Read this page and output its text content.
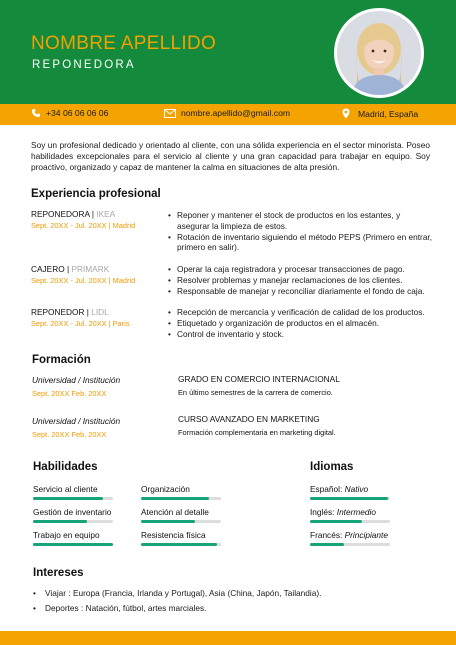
NOMBRE APELLIDO
REPONEDORA
+34 06 06 06 06	nombre.apellido@gmail.com	Madrid, España
Soy un profesional dedicado y orientado al cliente, con una sólida experiencia en el sector minorista. Poseo habilidades excepcionales para el servicio al cliente y una gran capacidad para trabajar en equipo. Soy proactivo, organizado y capaz de mantener la calma en situaciones de alta presión.
Experiencia profesional
REPONEDORA | IKEA
Sept. 20XX - Jul. 20XX | Madrid
• Reponer y mantener el stock de productos en los estantes, y asegurar la limpieza de estos.
• Rotación de inventario siguiendo el método PEPS (Primero en entrar, primero en salir).
CAJERO | PRIMARK
Sept. 20XX - Jul. 20XX | Madrid
• Operar la caja registradora y procesar transacciones de pago.
• Resolver problemas y manejar reclamaciones de los clientes.
• Responsable de manejar y reconciliar diariamente el fondo de caja.
REPONEDOR | LIDL
Sept. 20XX - Jul. 20XX | Paris
• Recepción de mercancía y verificación de calidad de los productos.
• Etiquetado y organización de productos en el almacén.
• Control de inventario y stock.
Formación
Universidad / Institución
Sept. 20XX Feb. 20XX
GRADO EN COMERCIO INTERNACIONAL
En último semestres de la carrera de comercio.
Universidad / Institución
Sept. 20XX Feb. 20XX
CURSO AVANZADO EN MARKETING
Formación complementaria en marketing digital.
Habilidades
Servicio al cliente	Organización
Gestión de inventario	Atención al detalle
Trabajo en equipo	Resistencia física
Idiomas
Español: Nativo
Inglés: Intermedio
Francés: Principiante
Intereses
• Viajar : Europa (Francia, Irlanda y Portugal), Asia (China, Japón, Tailandia).
• Deportes : Natación, fútbol, artes marciales.
